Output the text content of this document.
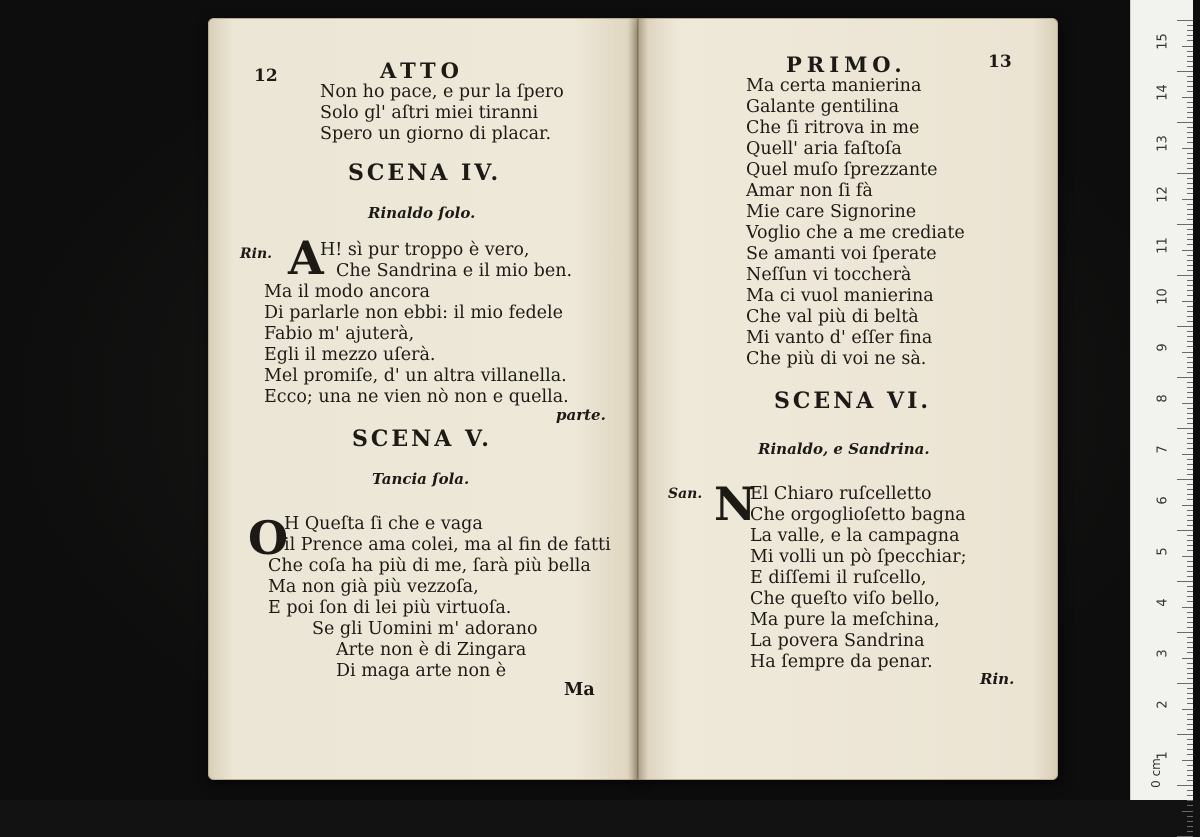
12	ATTO
Non ho pace, e pur la ſpero
Solo gl' aſtri miei tiranni
Spero un giorno di placar.
SCENA IV.
Rinaldo ſolo.
Rin. A
H! sì pur troppo è vero,
Che Sandrina e il mio ben.
Ma il modo ancora
Di parlarle non ebbi: il mio fedele
Fabio m' ajuterà,
Egli il mezzo uſerà.
Mel promiſe, d' un altra villanella.
Ecco; una ne vien nò non e quella.
parte.
SCENA V.
Tancia ſola.
O
H Queſta ſi che e vaga
il Prence ama colei, ma al fin de fatti
Che coſa ha più di me, ſarà più bella
Ma non già più vezzoſa,
E poi ſon di lei più virtuoſa.
Se gli Uomini m' adorano
Arte non è di Zingara
Di maga arte non è
Ma
PRIMO.	13
Ma certa manierina
Galante gentilina
Che ſi ritrova in me
Quell' aria faſtoſa
Quel muſo ſprezzante
Amar non ſi fà
Mie care Signorine
Voglio che a me crediate
Se amanti voi ſperate
Neſſun vi toccherà
Ma ci vuol manierina
Che val più di beltà
Mi vanto d' eſſer fina
Che più di voi ne sà.
SCENA VI.
Rinaldo, e Sandrina.
San. N
El Chiaro ruſcelletto
Che orgoglioſetto bagna
La valle, e la campagna
Mi volli un pò ſpecchiar;
E diſſemi il ruſcello,
Che queſto viſo bello,
Ma pure la meſchina,
La povera Sandrina
Ha ſempre da penar.
Rin.
15
14
13
12
11
10
9
8
7
6
5
4
3
2
1
0 cm
